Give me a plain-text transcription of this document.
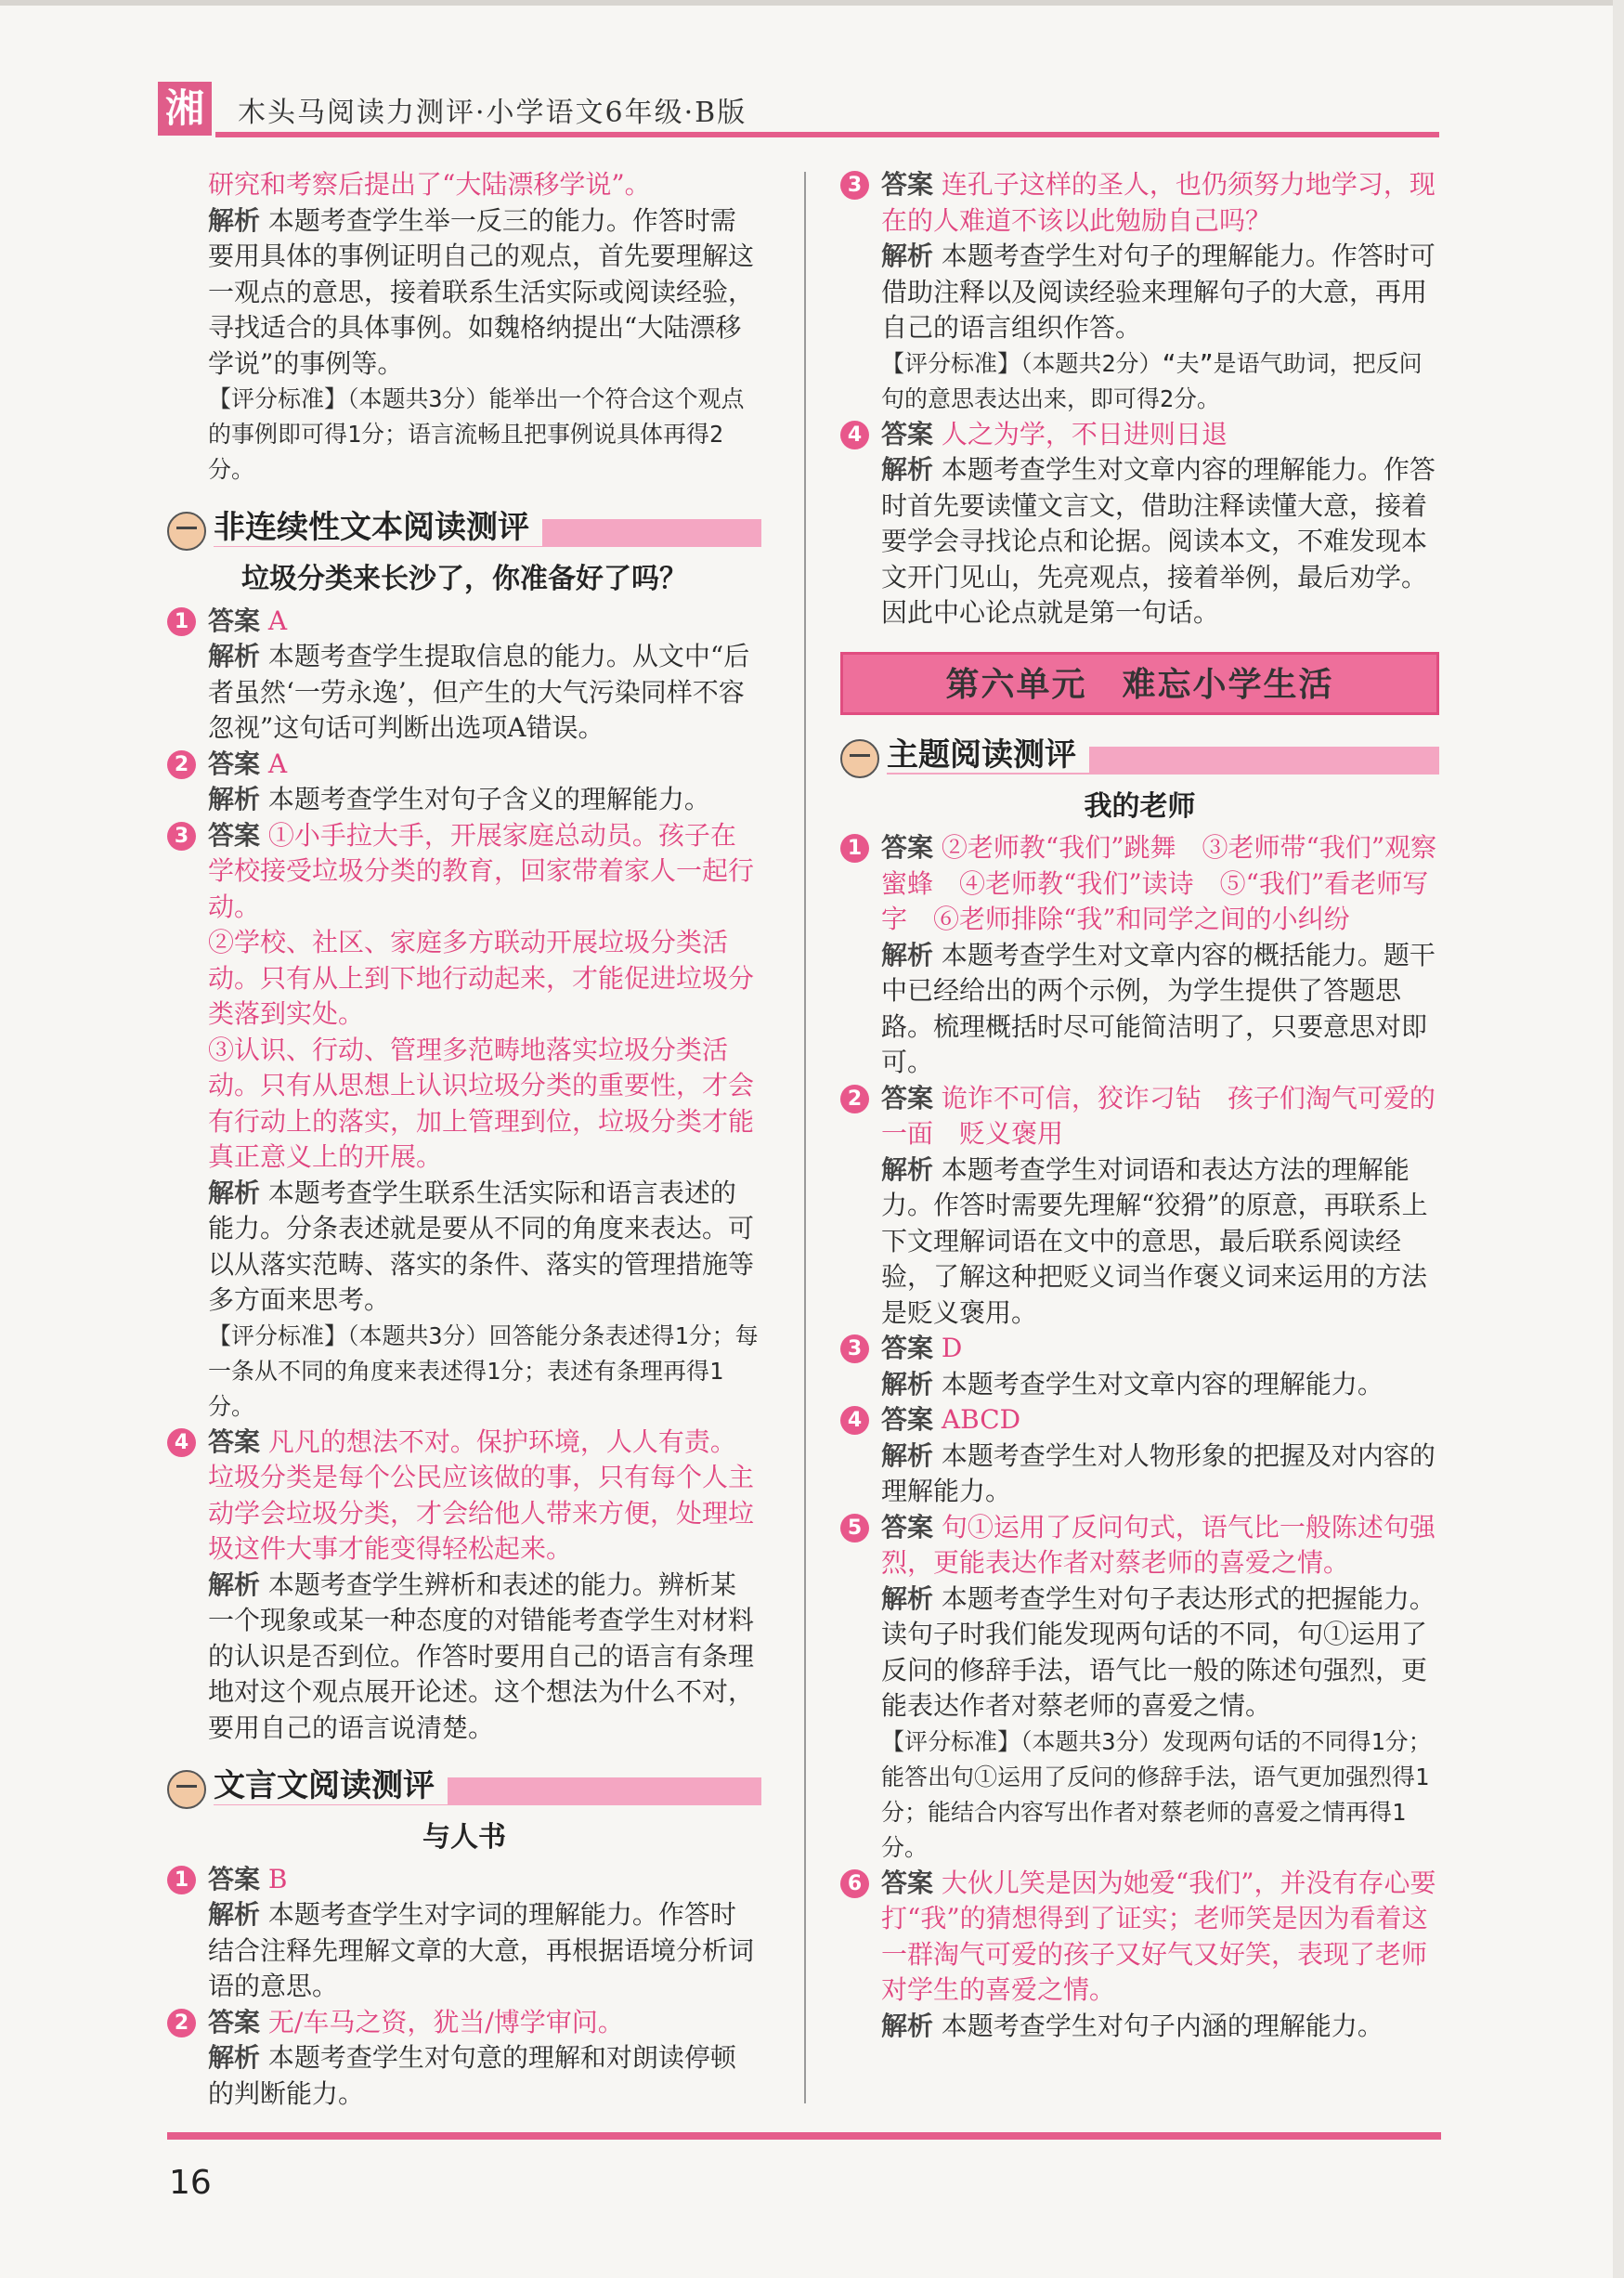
湘 木头马阅读力测评·小学语文6年级·B版

研究和考察后提出了“大陆漂移学说”。

解析 本题考查学生举一反三的能力。作答时需要用具体的事例证明自己的观点，首先要理解这一观点的意思，接着联系生活实际或阅读经验，寻找适合的具体事例。如魏格纳提出“大陆漂移学说”的事例等。

【评分标准】（本题共3分）能举出一个符合这个观点的事例即可得1分；语言流畅且把事例说具体再得2分。

非连续性文本阅读测评
垃圾分类来长沙了，你准备好了吗？
1 答案 A

解析 本题考查学生提取信息的能力。从文中“后者虽然‘一劳永逸’，但产生的大气污染同样不容忽视”这句话可判断出选项A错误。

2 答案 A

解析 本题考查学生对句子含义的理解能力。

3 答案 ①小手拉大手，开展家庭总动员。孩子在学校接受垃圾分类的教育，回家带着家人一起行动。

②学校、社区、家庭多方联动开展垃圾分类活动。只有从上到下地行动起来，才能促进垃圾分类落到实处。

③认识、行动、管理多范畴地落实垃圾分类活动。只有从思想上认识垃圾分类的重要性，才会有行动上的落实，加上管理到位，垃圾分类才能真正意义上的开展。

解析 本题考查学生联系生活实际和语言表述的能力。分条表述就是要从不同的角度来表达。可以从落实范畴、落实的条件、落实的管理措施等多方面来思考。

【评分标准】（本题共3分）回答能分条表述得1分；每一条从不同的角度来表述得1分；表述有条理再得1分。

4 答案 凡凡的想法不对。保护环境，人人有责。垃圾分类是每个公民应该做的事，只有每个人主动学会垃圾分类，才会给他人带来方便，处理垃圾这件大事才能变得轻松起来。

解析 本题考查学生辨析和表述的能力。辨析某一个现象或某一种态度的对错能考查学生对材料的认识是否到位。作答时要用自己的语言有条理地对这个观点展开论述。这个想法为什么不对，要用自己的语言说清楚。

文言文阅读测评
与人书
1 答案 B

解析 本题考查学生对字词的理解能力。作答时结合注释先理解文章的大意，再根据语境分析词语的意思。

2 答案 无/车马之资，犹当/博学审问。

解析 本题考查学生对句意的理解和对朗读停顿的判断能力。

3 答案 连孔子这样的圣人，也仍须努力地学习，现在的人难道不该以此勉励自己吗？

解析 本题考查学生对句子的理解能力。作答时可借助注释以及阅读经验来理解句子的大意，再用自己的语言组织作答。

【评分标准】（本题共2分）“夫”是语气助词，把反问句的意思表达出来，即可得2分。

4 答案 人之为学，不日进则日退

解析 本题考查学生对文章内容的理解能力。作答时首先要读懂文言文，借助注释读懂大意，接着要学会寻找论点和论据。阅读本文，不难发现本文开门见山，先亮观点，接着举例，最后劝学。因此中心论点就是第一句话。

第六单元　难忘小学生活
主题阅读测评
我的老师
1 答案 ②老师教“我们”跳舞　③老师带“我们”观察蜜蜂　④老师教“我们”读诗　⑤“我们”看老师写字　⑥老师排除“我”和同学之间的小纠纷

解析 本题考查学生对文章内容的概括能力。题干中已经给出的两个示例，为学生提供了答题思路。梳理概括时尽可能简洁明了，只要意思对即可。

2 答案 诡诈不可信，狡诈刁钻　孩子们淘气可爱的一面　贬义褒用

解析 本题考查学生对词语和表达方法的理解能力。作答时需要先理解“狡猾”的原意，再联系上下文理解词语在文中的意思，最后联系阅读经验，了解这种把贬义词当作褒义词来运用的方法是贬义褒用。

3 答案 D

解析 本题考查学生对文章内容的理解能力。

4 答案 ABCD

解析 本题考查学生对人物形象的把握及对内容的理解能力。

5 答案 句①运用了反问句式，语气比一般陈述句强烈，更能表达作者对蔡老师的喜爱之情。

解析 本题考查学生对句子表达形式的把握能力。读句子时我们能发现两句话的不同，句①运用了反问的修辞手法，语气比一般的陈述句强烈，更能表达作者对蔡老师的喜爱之情。

【评分标准】（本题共3分）发现两句话的不同得1分；能答出句①运用了反问的修辞手法，语气更加强烈得1分；能结合内容写出作者对蔡老师的喜爱之情再得1分。

6 答案 大伙儿笑是因为她爱“我们”，并没有存心要打“我”的猜想得到了证实；老师笑是因为看着这一群淘气可爱的孩子又好气又好笑，表现了老师对学生的喜爱之情。

解析 本题考查学生对句子内涵的理解能力。

16
